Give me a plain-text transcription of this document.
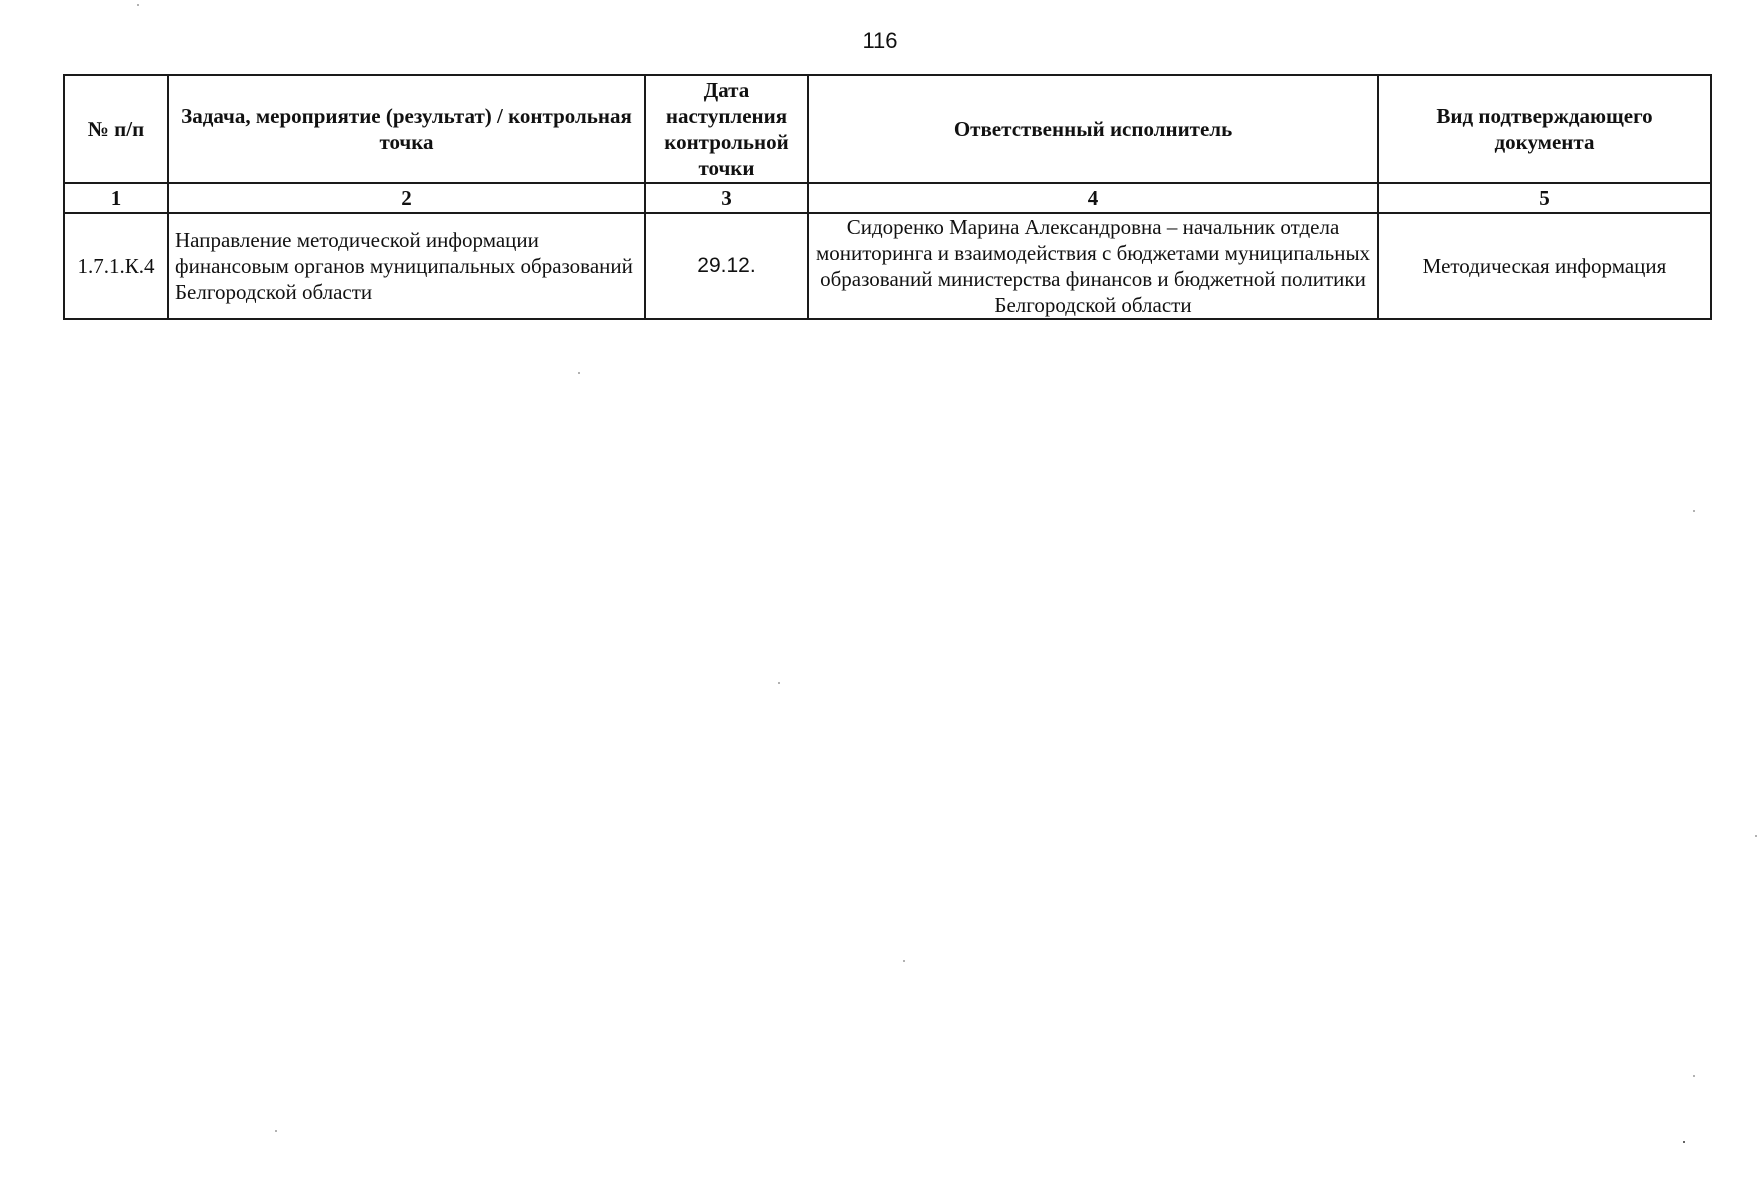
116
№ п/п	Задача, мероприятие (результат) / контрольная точка	Дата наступления контрольной точки	Ответственный исполнитель	Вид подтверждающего документа
1	2	3	4	5
1.7.1.К.4	Направление методической информации финансовым органов муниципальных образований Белгородской области	29.12.	Сидоренко Марина Александровна – начальник отдела мониторинга и взаимодействия с бюджетами муниципальных образований министерства финансов и бюджетной политики Белгородской области	Методическая информация
